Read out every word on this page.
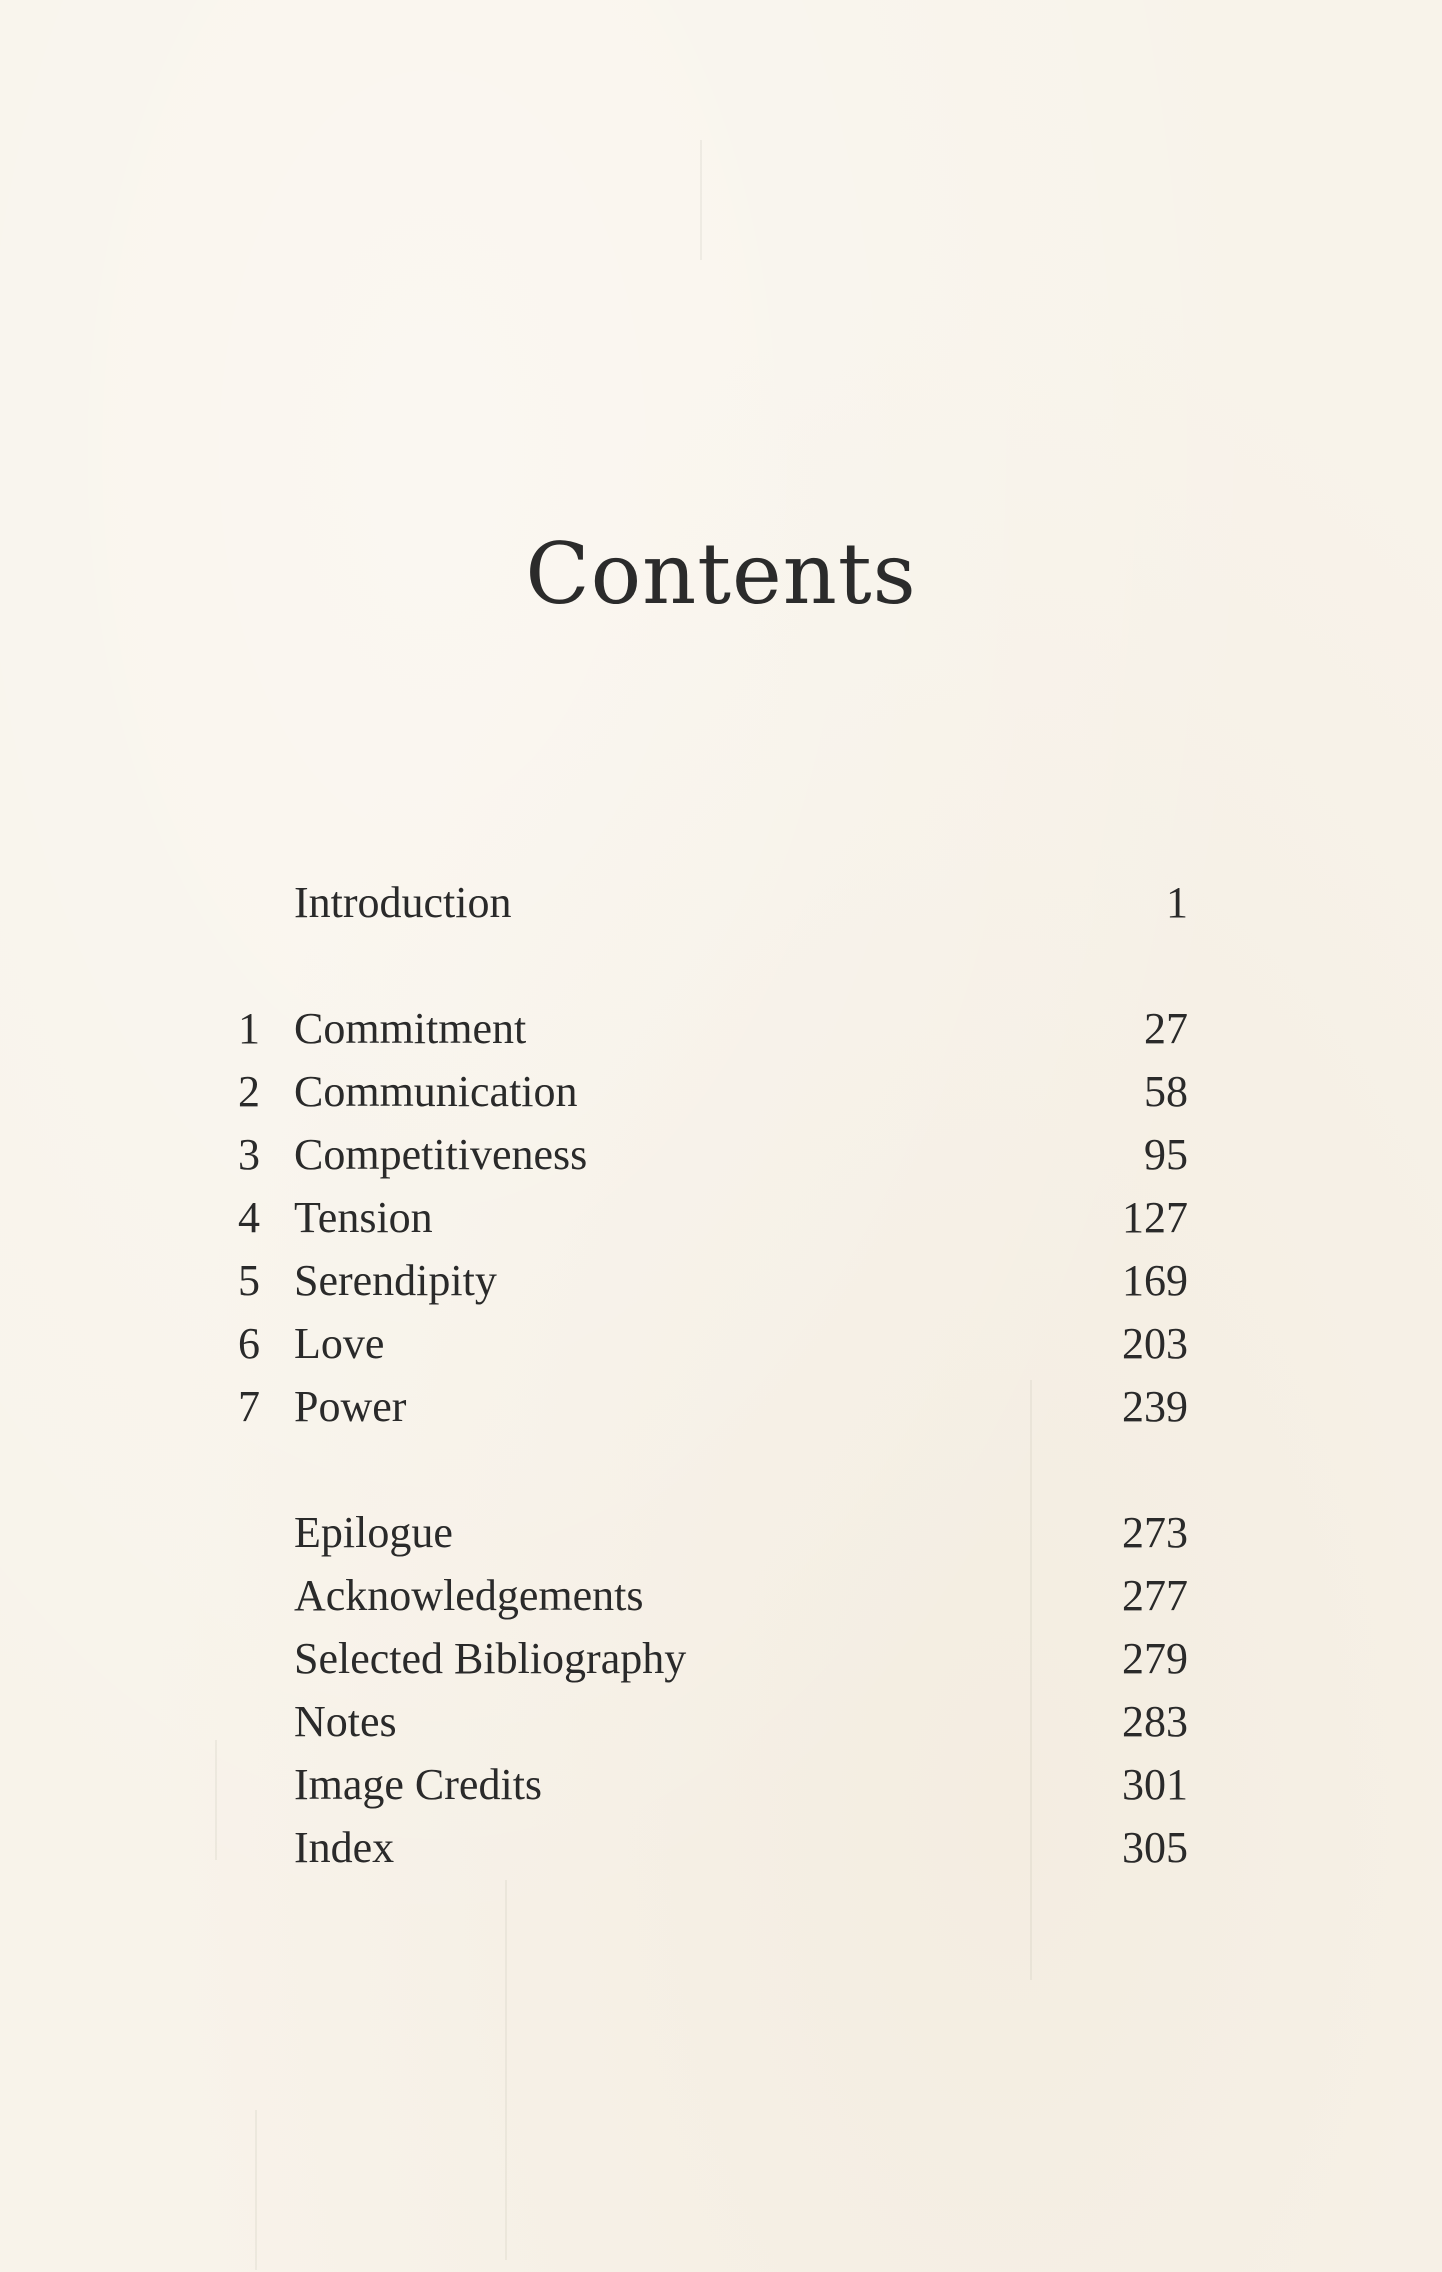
Contents
Introduction	1
1 Commitment	27
2 Communication	58
3 Competitiveness	95
4 Tension	127
5 Serendipity	169
6 Love	203
7 Power	239
Epilogue	273
Acknowledgements	277
Selected Bibliography	279
Notes	283
Image Credits	301
Index	305
